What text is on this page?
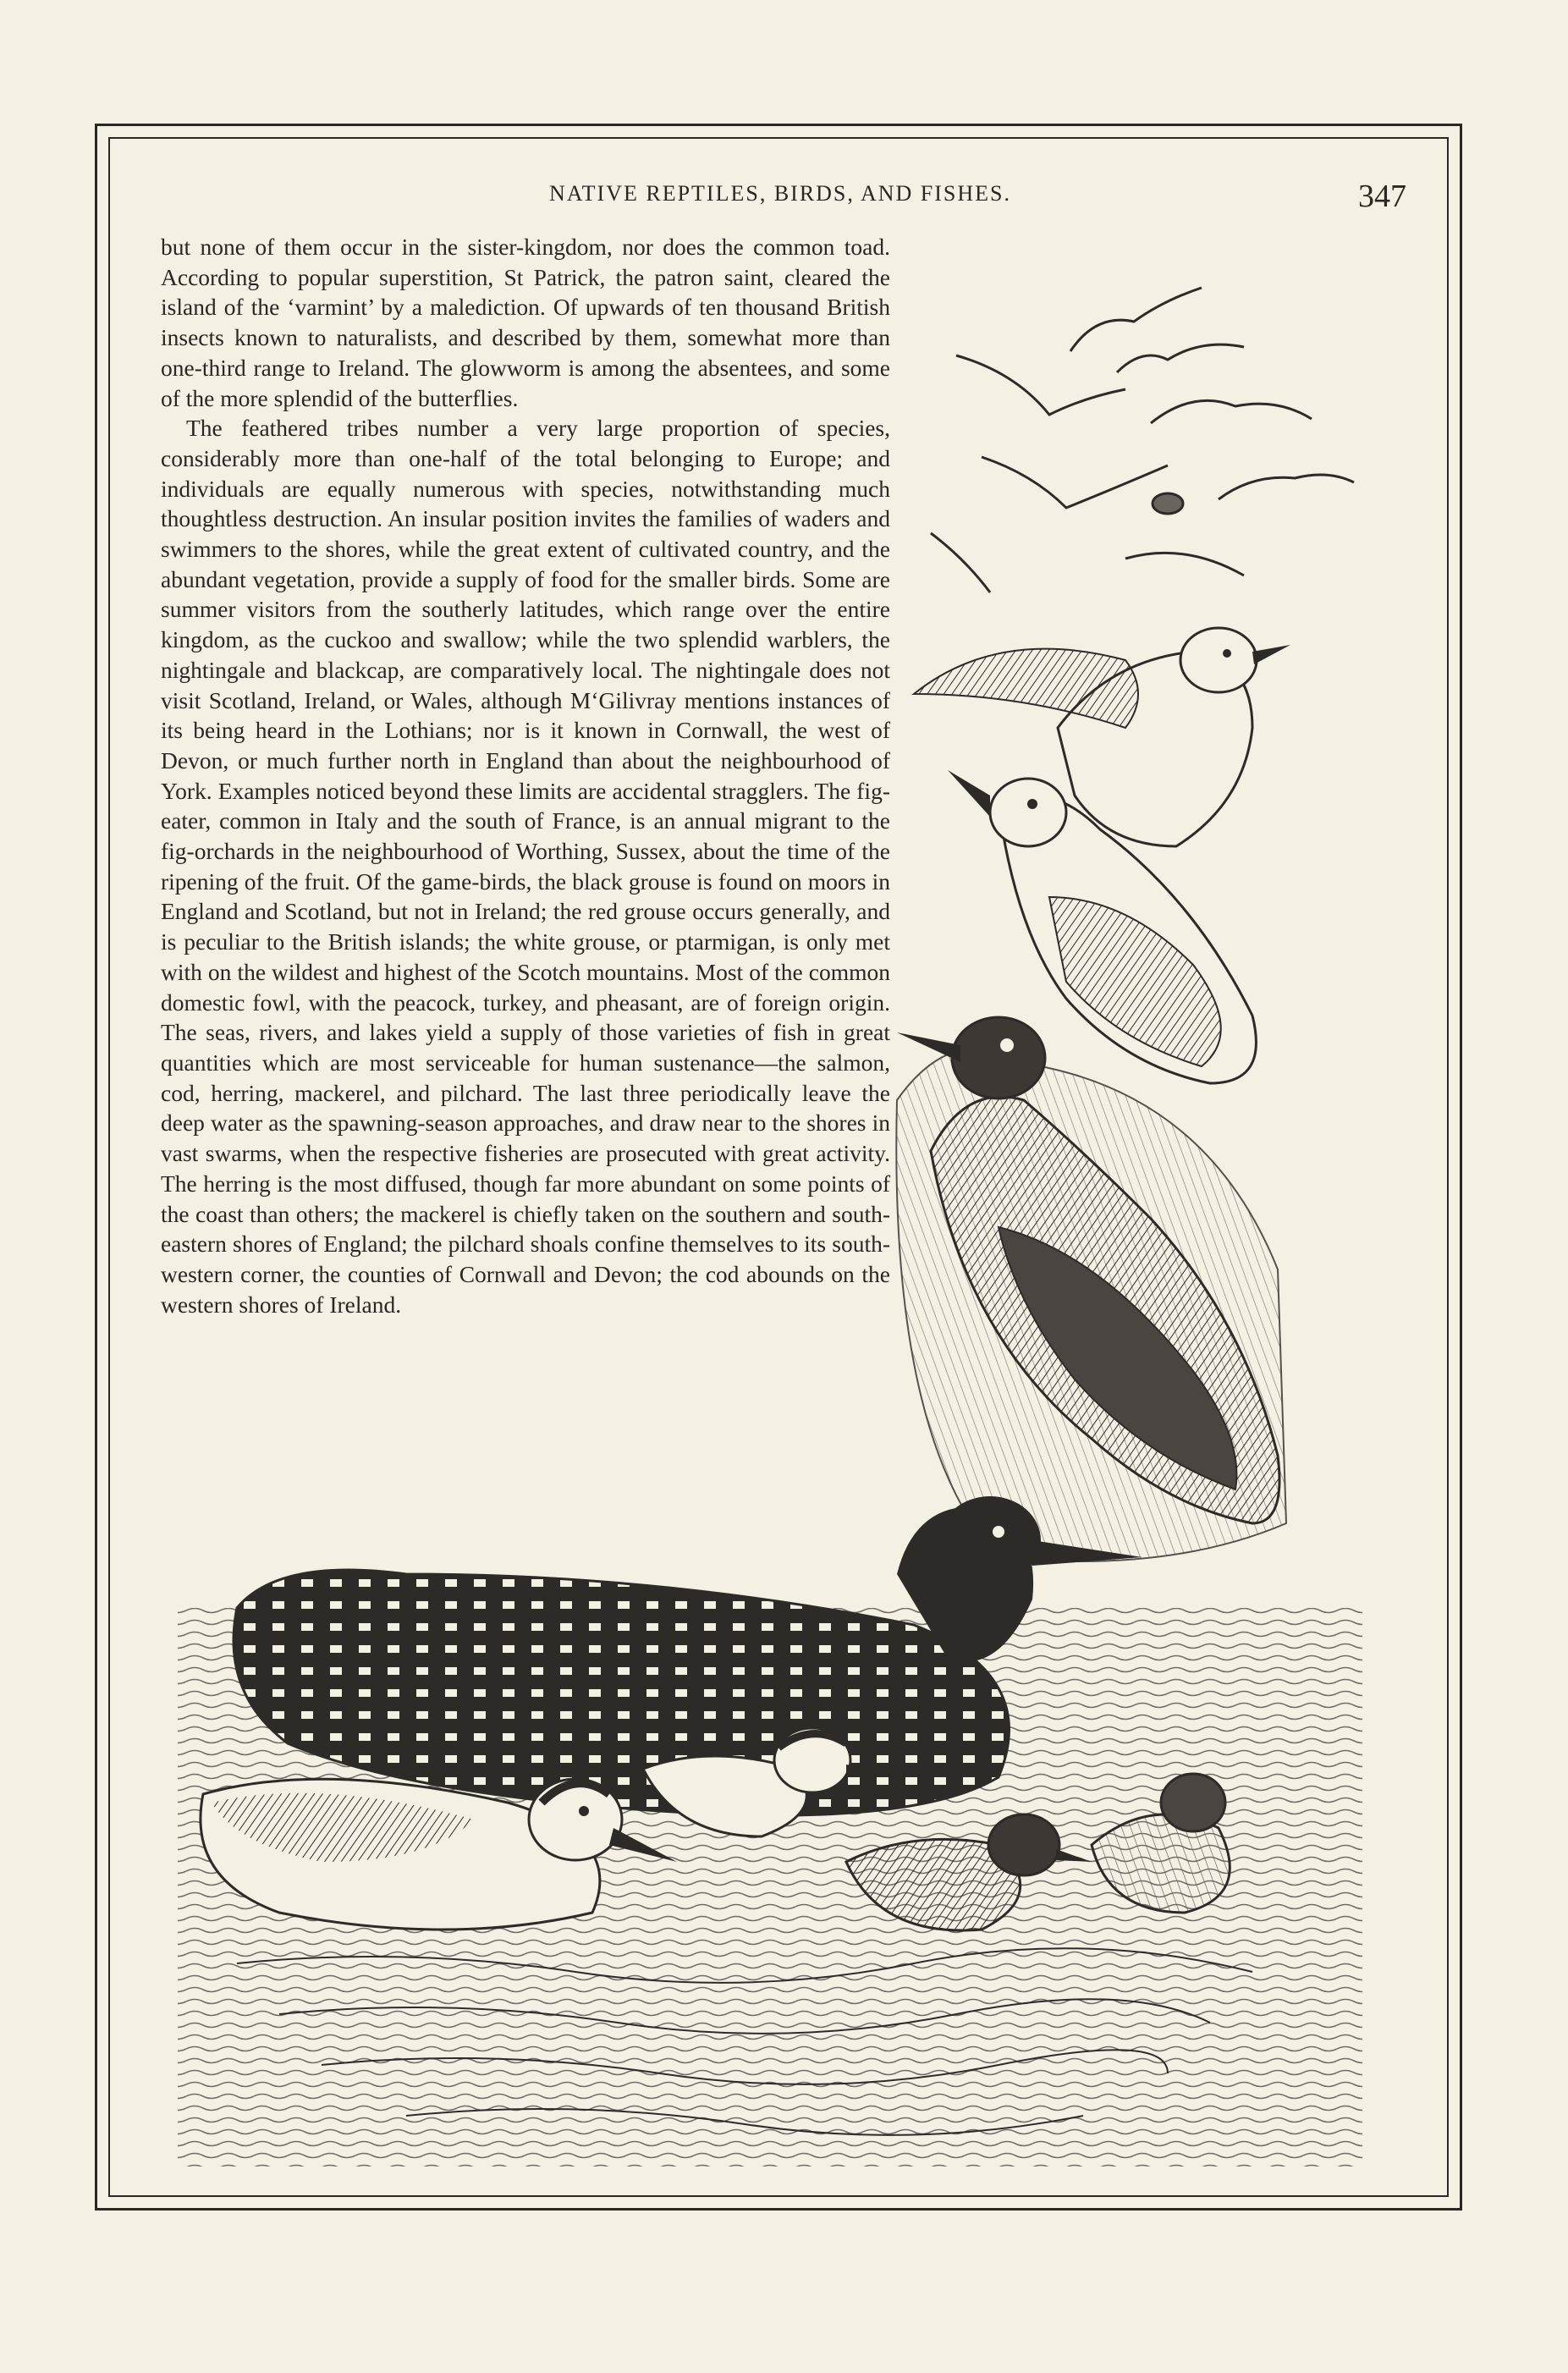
NATIVE REPTILES, BIRDS, AND FISHES.	347

but none of them occur in the sister-kingdom, nor does the common toad. According to popular superstition, St Patrick, the patron saint, cleared the island of the ‘varmint’ by a malediction. Of upwards of ten thousand British insects known to naturalists, and described by them, somewhat more than one-third range to Ireland. The glowworm is among the absentees, and some of the more splendid of the butterflies.

The feathered tribes number a very large proportion of species, considerably more than one-half of the total belonging to Europe; and individuals are equally numerous with species, notwithstanding much thoughtless destruction. An insular position invites the families of waders and swimmers to the shores, while the great extent of cultivated country, and the abundant vegetation, provide a supply of food for the smaller birds. Some are summer visitors from the southerly latitudes, which range over the entire kingdom, as the cuckoo and swallow; while the two splendid warblers, the nightingale and blackcap, are comparatively local. The nightingale does not visit Scotland, Ireland, or Wales, although M‘Gilivray mentions instances of its being heard in the Lothians; nor is it known in Cornwall, the west of Devon, or much further north in England than about the neighbourhood of York. Examples noticed beyond these limits are accidental stragglers. The fig-eater, common in Italy and the south of France, is an annual migrant to the fig-orchards in the neighbourhood of Worthing, Sussex, about the time of the ripening of the fruit. Of the game-birds, the black grouse is found on moors in England and Scotland, but not in Ireland; the red grouse occurs generally, and is peculiar to the British islands; the white grouse, or ptarmigan, is only met with on the wildest and highest of the Scotch mountains. Most of the common domestic fowl, with the peacock, turkey, and pheasant, are of foreign origin. The seas, rivers, and lakes yield a supply of those varieties of fish in great quantities which are most serviceable for human sustenance—the salmon, cod, herring, mackerel, and pilchard. The last three periodically leave the deep water as the spawning-season approaches, and draw near to the shores in vast swarms, when the respective fisheries are prosecuted with great activity. The herring is the most diffused, though far more abundant on some points of the coast than others; the mackerel is chiefly taken on the southern and south-eastern shores of England; the pilchard shoals confine themselves to its south-western corner, the counties of Cornwall and Devon; the cod abounds on the western shores of Ireland.
